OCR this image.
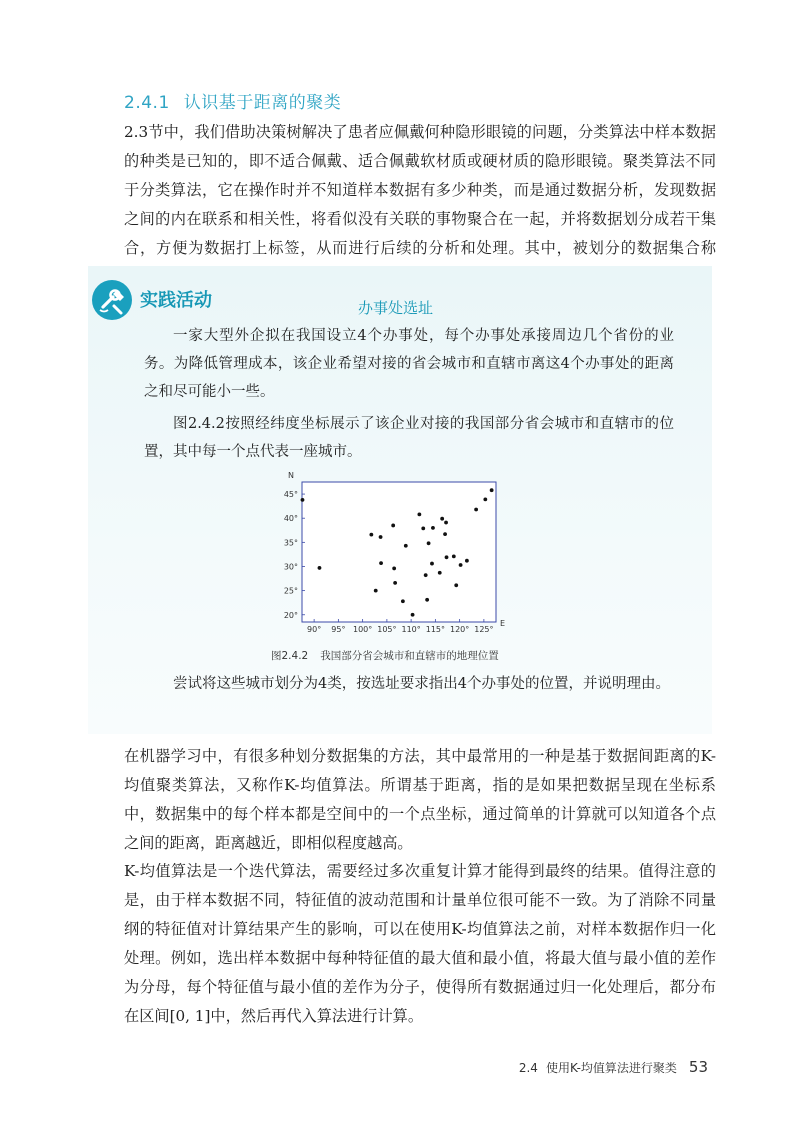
2.4.1 认识基于距离的聚类

2.3节中，我们借助决策树解决了患者应佩戴何种隐形眼镜的问题，分类算法中样本数据的种类是已知的，即不适合佩戴、适合佩戴软材质或硬材质的隐形眼镜。聚类算法不同于分类算法，它在操作时并不知道样本数据有多少种类，而是通过数据分析，发现数据之间的内在联系和相关性，将看似没有关联的事物聚合在一起，并将数据划分成若干集合，方便为数据打上标签，从而进行后续的分析和处理。其中，被划分的数据集合称

实践活动	办事处选址

一家大型外企拟在我国设立4个办事处，每个办事处承接周边几个省份的业务。为降低管理成本，该企业希望对接的省会城市和直辖市离这4个办事处的距离之和尽可能小一些。

图2.4.2按照经纬度坐标展示了该企业对接的我国部分省会城市和直辖市的位置，其中每一个点代表一座城市。

90° 95° 100° 105° 110° 115° 120° 125°
20°
25°
30°
35°
40°
45°
N
E
图2.4.2 我国部分省会城市和直辖市的地理位置

尝试将这些城市划分为4类，按选址要求指出4个办事处的位置，并说明理由。

在机器学习中，有很多种划分数据集的方法，其中最常用的一种是基于数据间距离的K-均值聚类算法，又称作K-均值算法。所谓基于距离，指的是如果把数据呈现在坐标系中，数据集中的每个样本都是空间中的一个点坐标，通过简单的计算就可以知道各个点之间的距离，距离越近，即相似程度越高。

K-均值算法是一个迭代算法，需要经过多次重复计算才能得到最终的结果。值得注意的是，由于样本数据不同，特征值的波动范围和计量单位很可能不一致。为了消除不同量纲的特征值对计算结果产生的影响，可以在使用K-均值算法之前，对样本数据作归一化处理。例如，选出样本数据中每种特征值的最大值和最小值，将最大值与最小值的差作为分母，每个特征值与最小值的差作为分子，使得所有数据通过归一化处理后，都分布在区间[0, 1]中，然后再代入算法进行计算。

2.4 使用K-均值算法进行聚类 53
